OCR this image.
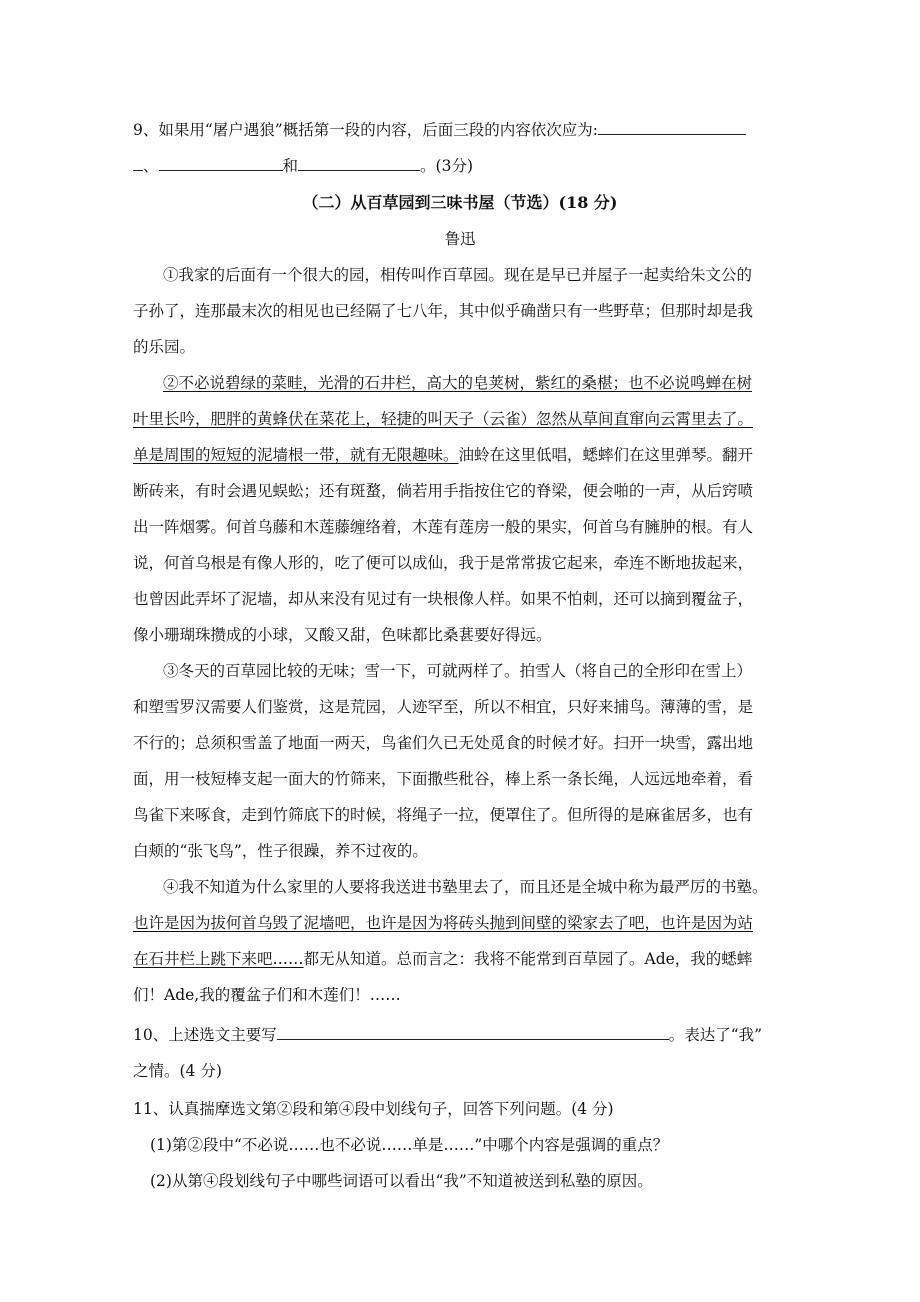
9、如果用“屠户遇狼”概括第一段的内容，后面三段的内容依次应为:
、	和	。(3分)
（二）从百草园到三味书屋（节选）(18 分)
鲁迅
①我家的后面有一个很大的园，相传叫作百草园。现在是早已并屋子一起卖给朱文公的
子孙了，连那最末次的相见也已经隔了七八年，其中似乎确凿只有一些野草；但那时却是我
的乐园。
②不必说碧绿的菜畦，光滑的石井栏，高大的皂荚树，紫红的桑椹；也不必说鸣蝉在树
叶里长吟，肥胖的黄蜂伏在菜花上，轻捷的叫天子（云雀）忽然从草间直窜向云霄里去了。
单是周围的短短的泥墙根一带，就有无限趣味。油蛉在这里低唱，蟋蟀们在这里弹琴。翻开
断砖来，有时会遇见蜈蚣；还有斑蝥，倘若用手指按住它的脊梁，便会啪的一声，从后窍喷
出一阵烟雾。何首乌藤和木莲藤缠络着，木莲有莲房一般的果实，何首乌有臃肿的根。有人
说，何首乌根是有像人形的，吃了便可以成仙，我于是常常拔它起来，牵连不断地拔起来，
也曾因此弄坏了泥墙，却从来没有见过有一块根像人样。如果不怕刺，还可以摘到覆盆子，
像小珊瑚珠攒成的小球，又酸又甜，色味都比桑葚要好得远。
③冬天的百草园比较的无味；雪一下，可就两样了。拍雪人（将自己的全形印在雪上）
和塑雪罗汉需要人们鉴赏，这是荒园，人迹罕至，所以不相宜，只好来捕鸟。薄薄的雪，是
不行的；总须积雪盖了地面一两天，鸟雀们久已无处觅食的时候才好。扫开一块雪，露出地
面，用一枝短棒支起一面大的竹筛来，下面撒些秕谷，棒上系一条长绳，人远远地牵着，看
鸟雀下来啄食，走到竹筛底下的时候，将绳子一拉，便罩住了。但所得的是麻雀居多，也有
白颊的“张飞鸟”，性子很躁，养不过夜的。
④我不知道为什么家里的人要将我送进书塾里去了，而且还是全城中称为最严厉的书塾。
也许是因为拔何首乌毁了泥墙吧，也许是因为将砖头抛到间壁的梁家去了吧，也许是因为站
在石井栏上跳下来吧……都无从知道。总而言之：我将不能常到百草园了。Ade，我的蟋蟀
们！Ade,我的覆盆子们和木莲们！……
10、上述选文主要写	。表达了“我”
之情。(4 分)
11、认真揣摩选文第②段和第④段中划线句子，回答下列问题。(4 分)
(1)第②段中“不必说……也不必说……单是……”中哪个内容是强调的重点？
(2)从第④段划线句子中哪些词语可以看出“我”不知道被送到私塾的原因。
